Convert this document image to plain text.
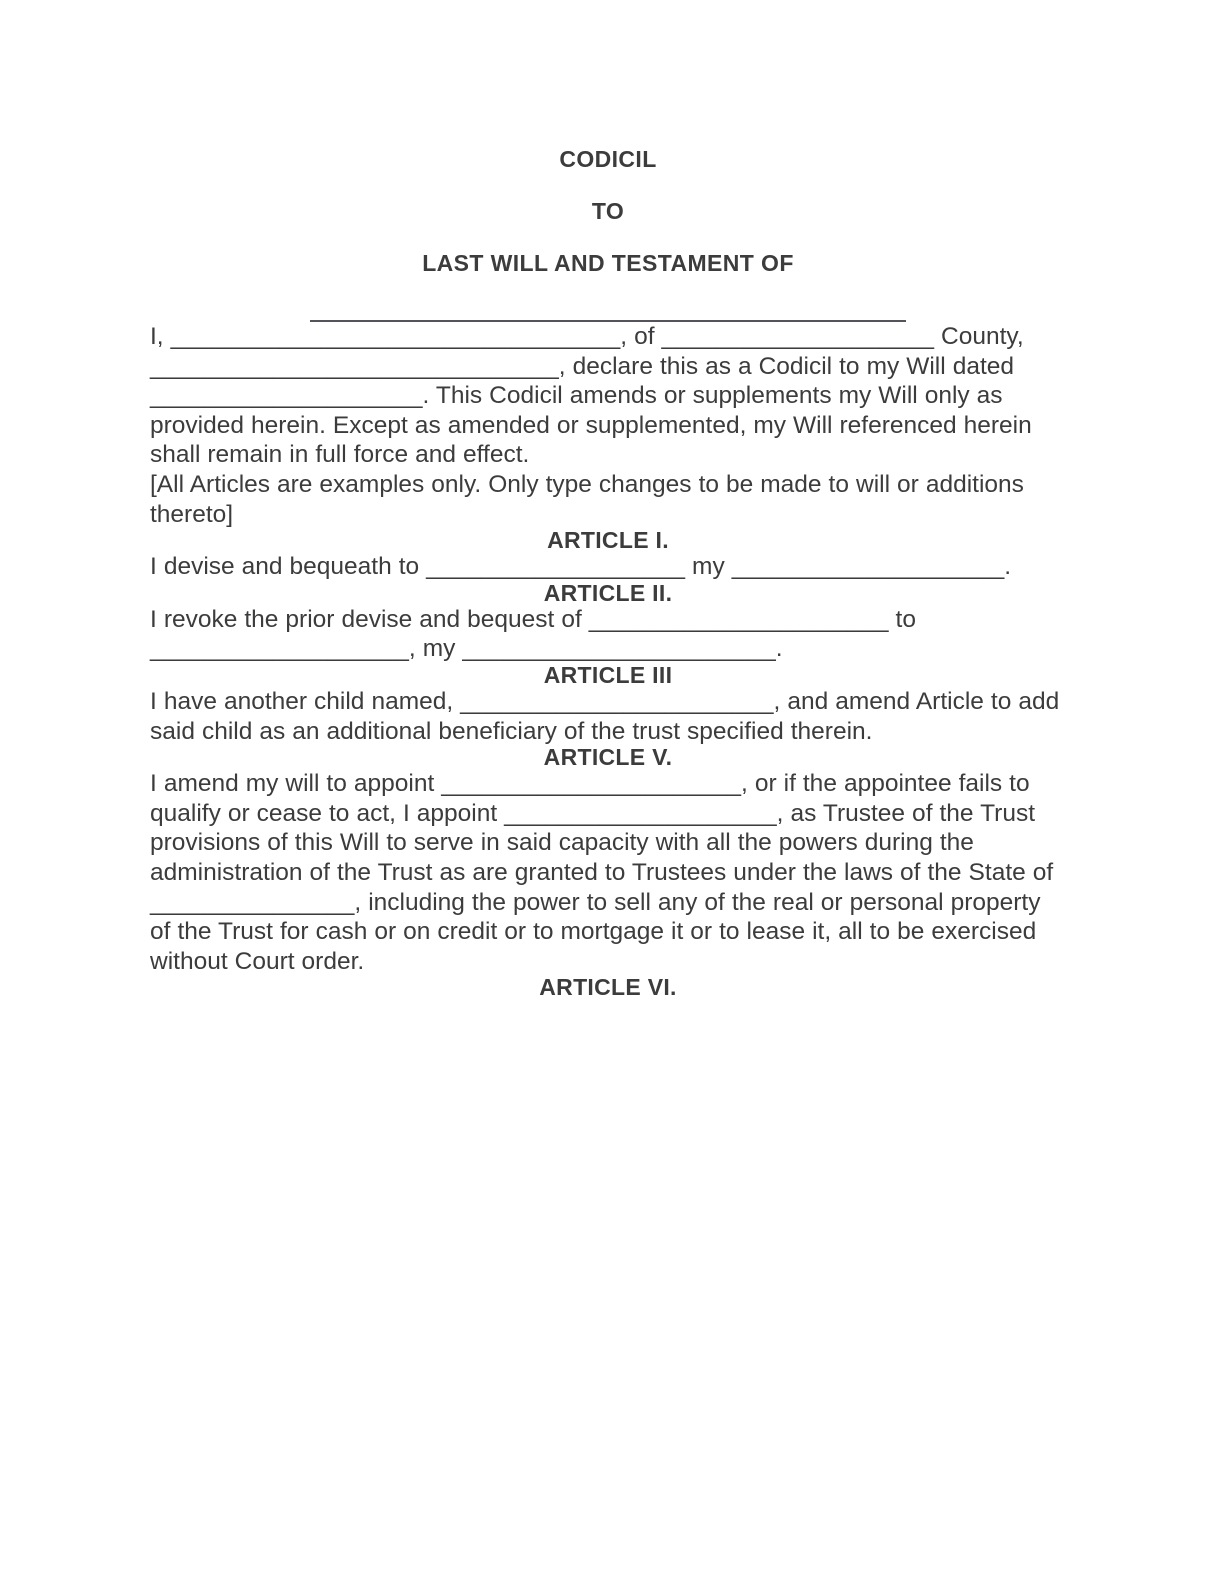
CODICIL
TO
LAST WILL AND TESTAMENT OF

I, _________________________________, of ____________________ County, ______________________________, declare this as a Codicil to my Will dated ____________________. This Codicil amends or supplements my Will only as provided herein. Except as amended or supplemented, my Will referenced herein shall remain in full force and effect.

[All Articles are examples only. Only type changes to be made to will or additions thereto]

ARTICLE I.

I devise and bequeath to ___________________ my ____________________.

ARTICLE II.

I revoke the prior devise and bequest of ______________________ to ___________________, my _______________________.

ARTICLE III

I have another child named, _______________________, and amend Article to add said child as an additional beneficiary of the trust specified therein.

ARTICLE V.

I amend my will to appoint ______________________, or if the appointee fails to qualify or cease to act, I appoint ____________________, as Trustee of the Trust provisions of this Will to serve in said capacity with all the powers during the administration of the Trust as are granted to Trustees under the laws of the State of _______________, including the power to sell any of the real or personal property of the Trust for cash or on credit or to mortgage it or to lease it, all to be exercised without Court order.

ARTICLE VI.
